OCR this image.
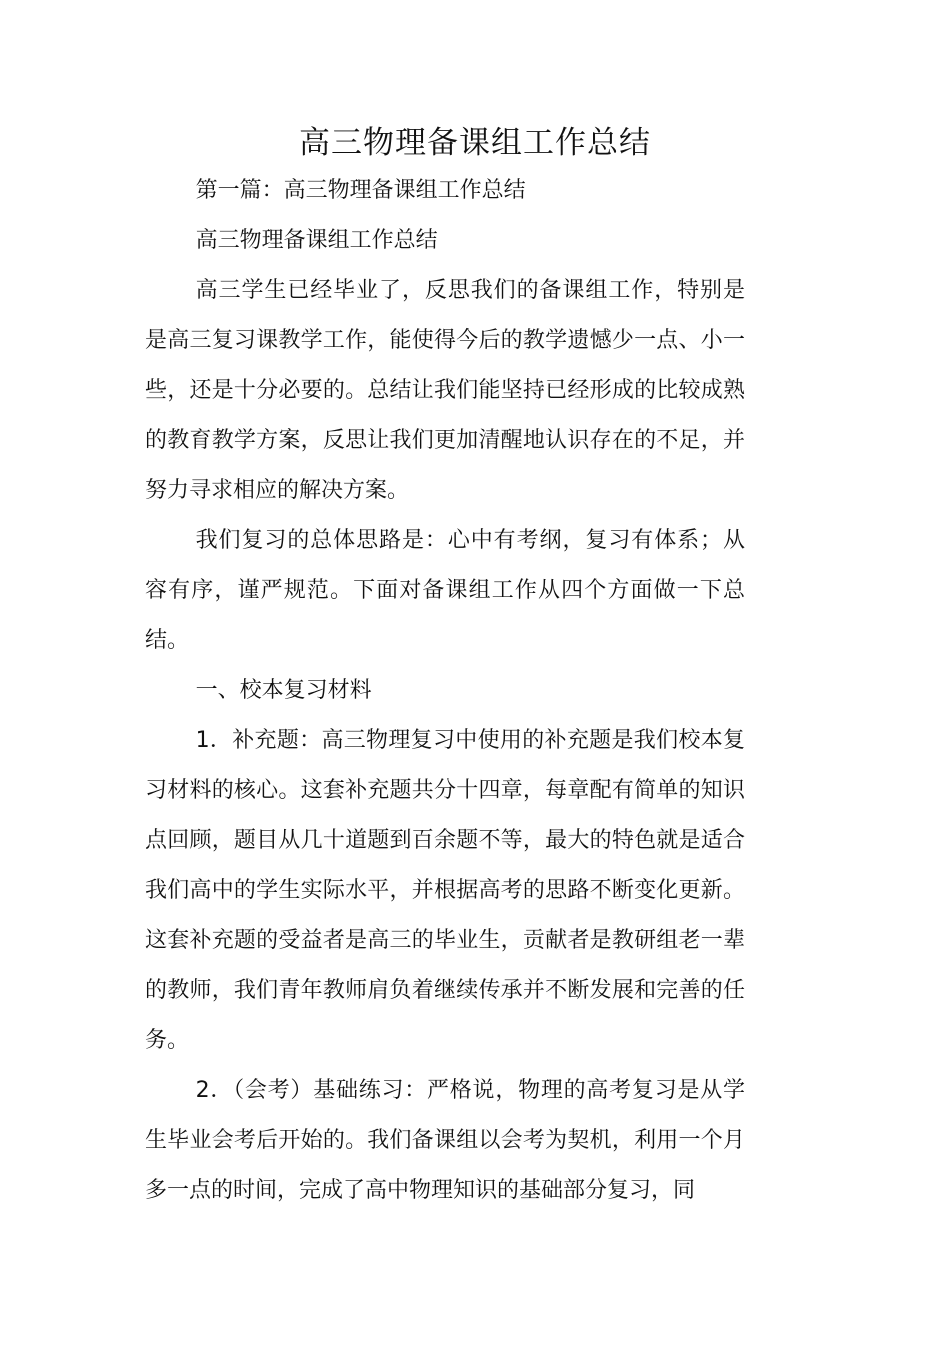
高三物理备课组工作总结

第一篇：高三物理备课组工作总结

高三物理备课组工作总结

高三学生已经毕业了，反思我们的备课组工作，特别是是高三复习课教学工作，能使得今后的教学遗憾少一点、小一些，还是十分必要的。总结让我们能坚持已经形成的比较成熟的教育教学方案，反思让我们更加清醒地认识存在的不足，并努力寻求相应的解决方案。

我们复习的总体思路是：心中有考纲，复习有体系；从容有序，谨严规范。下面对备课组工作从四个方面做一下总结。

一、校本复习材料

1．补充题：高三物理复习中使用的补充题是我们校本复习材料的核心。这套补充题共分十四章，每章配有简单的知识点回顾，题目从几十道题到百余题不等，最大的特色就是适合我们高中的学生实际水平，并根据高考的思路不断变化更新。这套补充题的受益者是高三的毕业生，贡献者是教研组老一辈的教师，我们青年教师肩负着继续传承并不断发展和完善的任务。

2．（会考）基础练习：严格说，物理的高考复习是从学生毕业会考后开始的。我们备课组以会考为契机，利用一个月多一点的时间，完成了高中物理知识的基础部分复习，同
